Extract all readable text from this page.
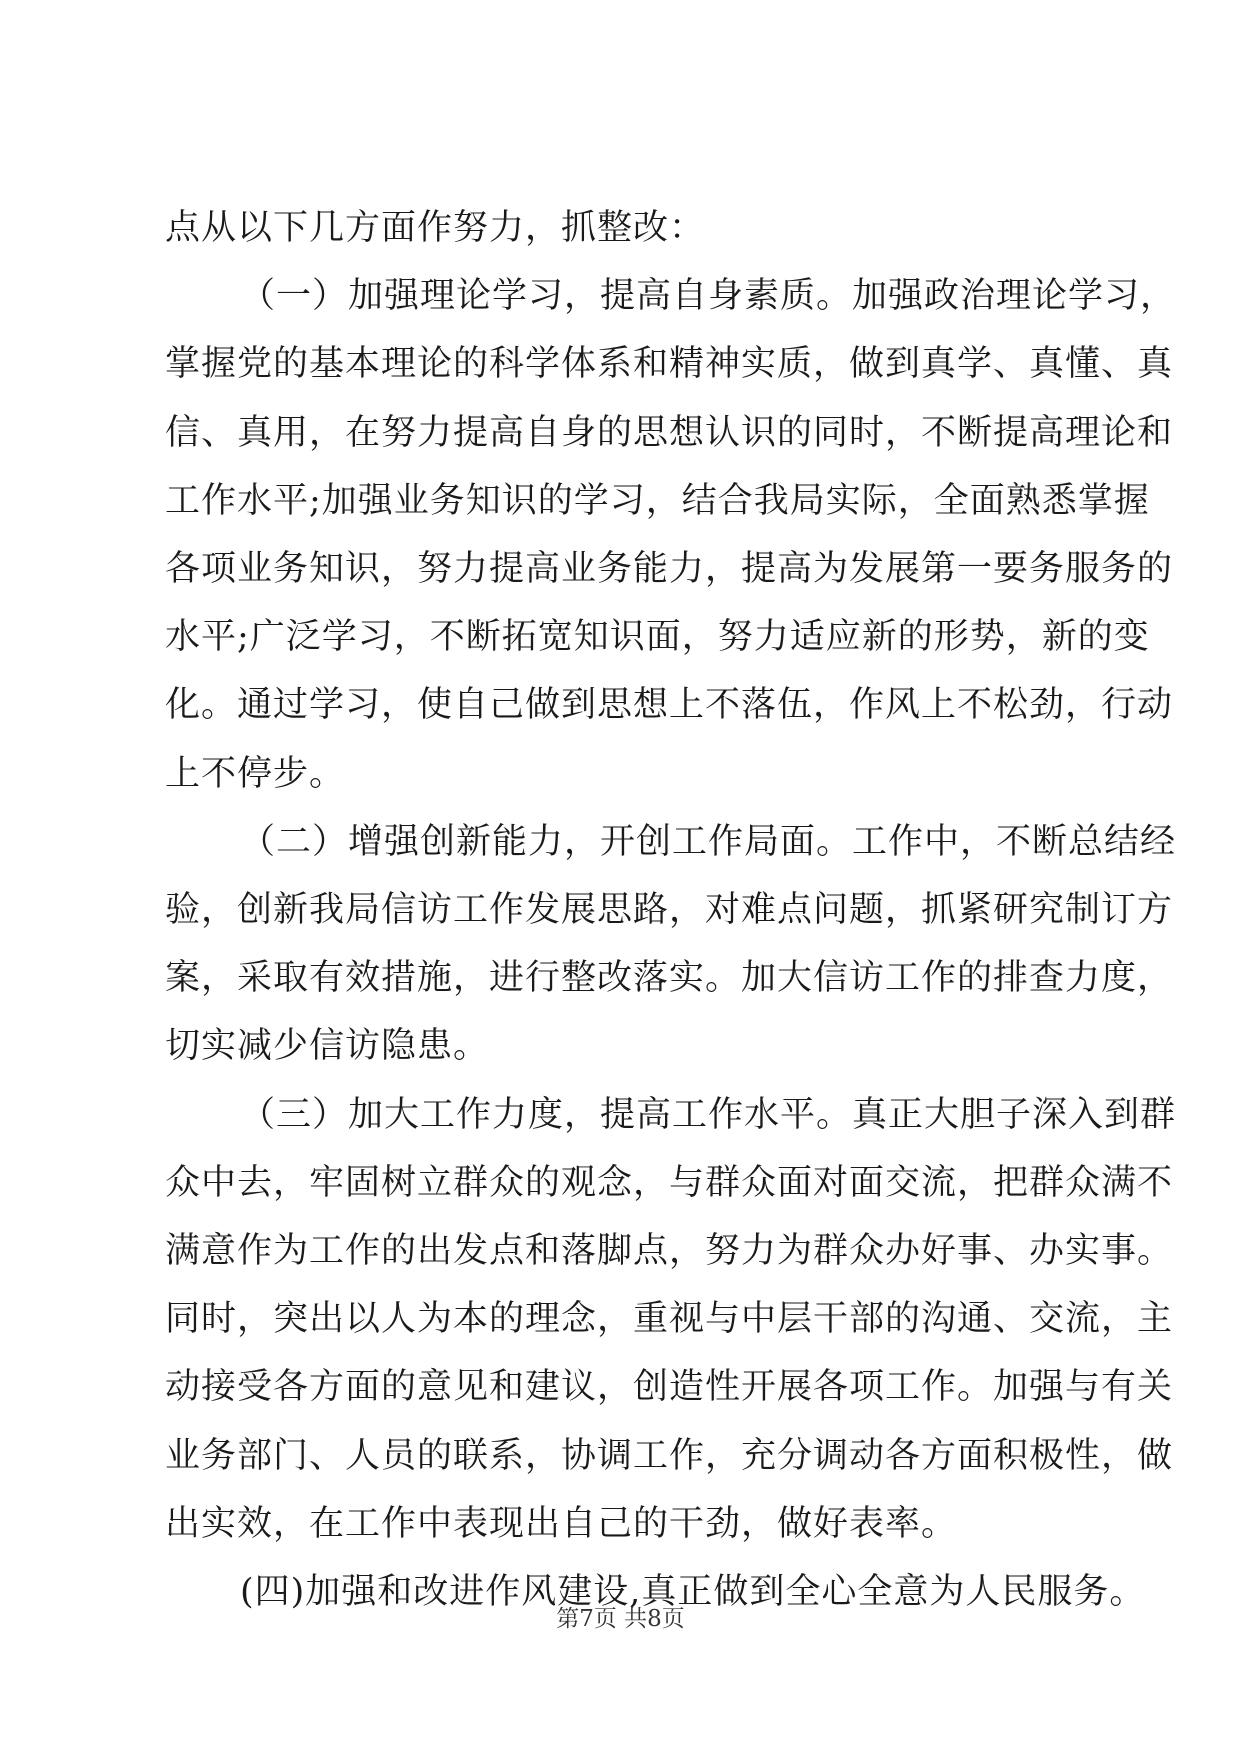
点从以下几方面作努力，抓整改：
（一）加强理论学习，提高自身素质。加强政治理论学习，
掌握党的基本理论的科学体系和精神实质，做到真学、真懂、真
信、真用，在努力提高自身的思想认识的同时，不断提高理论和
工作水平;加强业务知识的学习，结合我局实际，全面熟悉掌握
各项业务知识，努力提高业务能力，提高为发展第一要务服务的
水平;广泛学习，不断拓宽知识面，努力适应新的形势，新的变
化。通过学习，使自己做到思想上不落伍，作风上不松劲，行动
上不停步。
（二）增强创新能力，开创工作局面。工作中，不断总结经
验，创新我局信访工作发展思路，对难点问题，抓紧研究制订方
案，采取有效措施，进行整改落实。加大信访工作的排查力度，
切实减少信访隐患。
（三）加大工作力度，提高工作水平。真正大胆子深入到群
众中去，牢固树立群众的观念，与群众面对面交流，把群众满不
满意作为工作的出发点和落脚点，努力为群众办好事、办实事。
同时，突出以人为本的理念，重视与中层干部的沟通、交流，主
动接受各方面的意见和建议，创造性开展各项工作。加强与有关
业务部门、人员的联系，协调工作，充分调动各方面积极性，做
出实效，在工作中表现出自己的干劲，做好表率。
(四)加强和改进作风建设,真正做到全心全意为人民服务。
第7页 共8页
